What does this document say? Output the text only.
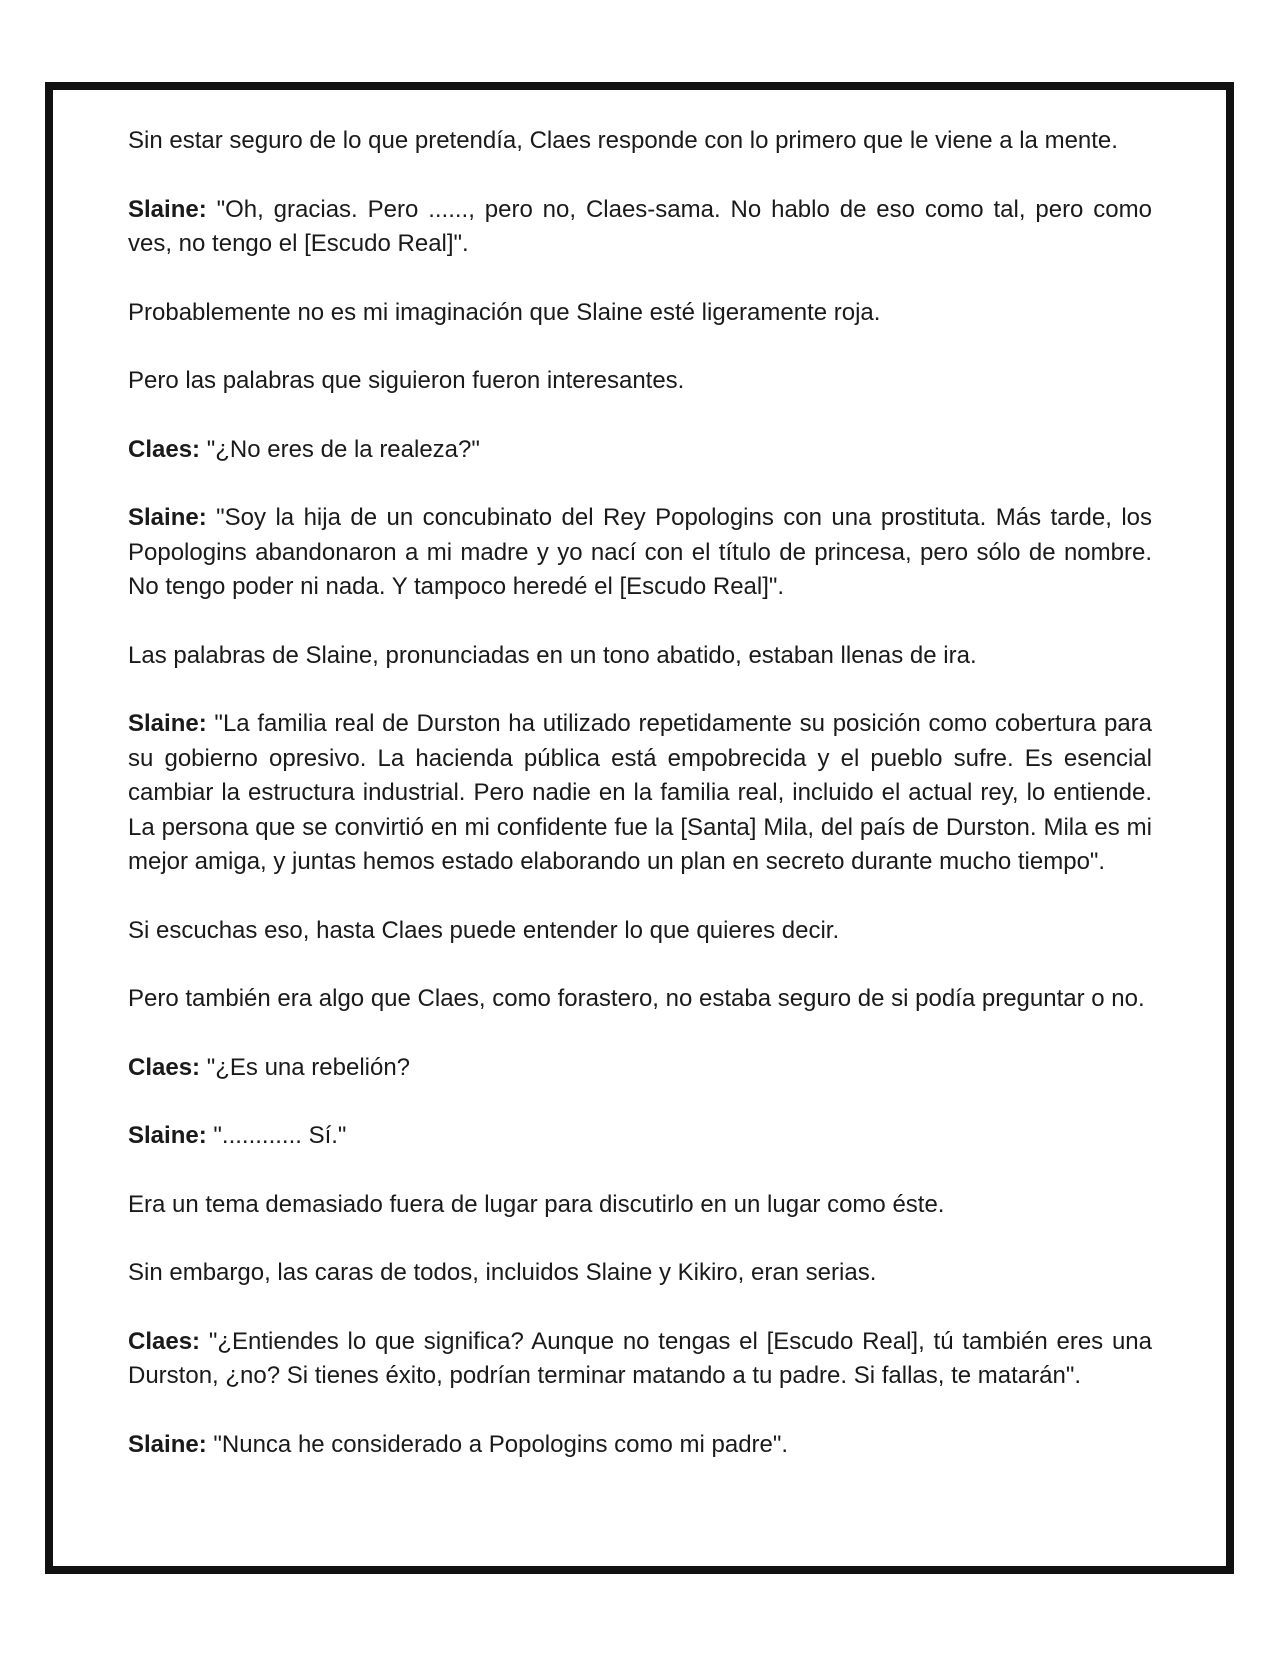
Sin estar seguro de lo que pretendía, Claes responde con lo primero que le viene a la mente.

Slaine: "Oh, gracias. Pero ......, pero no, Claes-sama. No hablo de eso como tal, pero como ves, no tengo el [Escudo Real]".

Probablemente no es mi imaginación que Slaine esté ligeramente roja.

Pero las palabras que siguieron fueron interesantes.

Claes: "¿No eres de la realeza?"

Slaine: "Soy la hija de un concubinato del Rey Popologins con una prostituta. Más tarde, los Popologins abandonaron a mi madre y yo nací con el título de princesa, pero sólo de nombre. No tengo poder ni nada. Y tampoco heredé el [Escudo Real]".

Las palabras de Slaine, pronunciadas en un tono abatido, estaban llenas de ira.

Slaine: "La familia real de Durston ha utilizado repetidamente su posición como cobertura para su gobierno opresivo. La hacienda pública está empobrecida y el pueblo sufre. Es esencial cambiar la estructura industrial. Pero nadie en la familia real, incluido el actual rey, lo entiende. La persona que se convirtió en mi confidente fue la [Santa] Mila, del país de Durston. Mila es mi mejor amiga, y juntas hemos estado elaborando un plan en secreto durante mucho tiempo".

Si escuchas eso, hasta Claes puede entender lo que quieres decir.

Pero también era algo que Claes, como forastero, no estaba seguro de si podía preguntar o no.

Claes: "¿Es una rebelión?

Slaine: "............ Sí."

Era un tema demasiado fuera de lugar para discutirlo en un lugar como éste.

Sin embargo, las caras de todos, incluidos Slaine y Kikiro, eran serias.

Claes: "¿Entiendes lo que significa? Aunque no tengas el [Escudo Real], tú también eres una Durston, ¿no? Si tienes éxito, podrían terminar matando a tu padre. Si fallas, te matarán".

Slaine: "Nunca he considerado a Popologins como mi padre".
